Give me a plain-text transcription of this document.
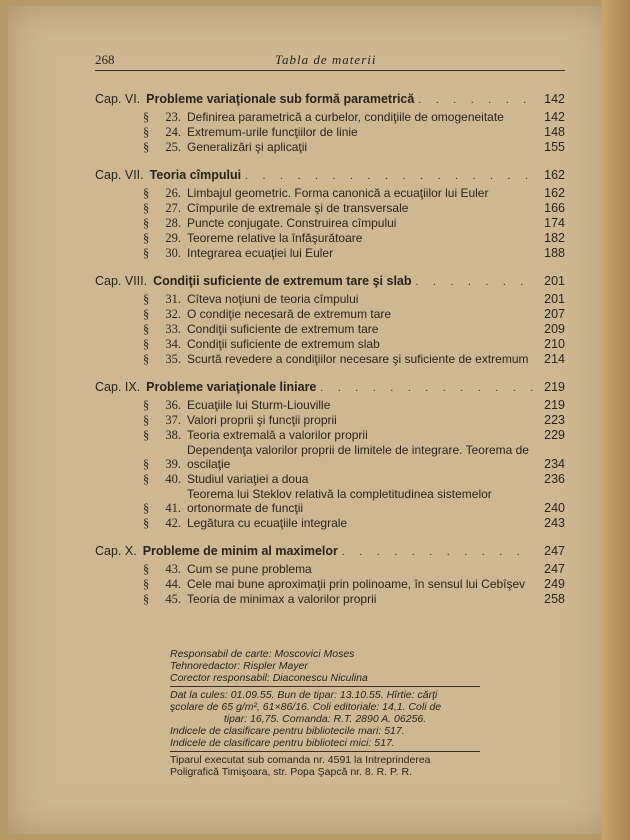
268	Tabla de materii
Cap. VI. Probleme variaţionale sub formă parametrică . . .	142
§	23. Definirea parametrică a curbelor, condiţiile de omogeneitate	142
§	24. Extremum-urile funcţiilor de linie	148
§	25. Generalizări şi aplicaţii	155
Cap. VII. Teoria cîmpului . . .	162
§	26. Limbajul geometric. Forma canonică a ecuaţiilor lui Euler	162
§	27. Cîmpurile de extremale şi de transversale	166
§	28. Puncte conjugate. Construirea cîmpului	174
§	29. Teoreme relative la înfăşurătoare	182
§	30. Integrarea ecuaţiei lui Euler	188
Cap. VIII. Condiţii suficiente de extremum tare şi slab . . .	201
§	31. Cîteva noţiuni de teoria cîmpului	201
§	32. O condiţie necesară de extremum tare	207
§	33. Condiţii suficiente de extremum tare	209
§	34. Condiţii suficiente de extremum slab	210
§	35. Scurtă revedere a condiţiilor necesare şi suficiente de extremum	214
Cap. IX. Probleme variaţionale liniare . . .	219
§	36. Ecuaţiile lui Sturm-Liouville	219
§	37. Valori proprii şi funcţii proprii	223
§	38. Teoria extremală a valorilor proprii	229
§	39.
Dependenţa valorilor proprii de limitele de integrare. Teorema de oscilaţie	234
§	40. Studiul variaţiei a doua	236
§	41.
Teorema lui Steklov relativă la completitudinea sistemelor ortonormate de funcţii	240
§	42. Legătura cu ecuaţiile integrale	243
Cap. X. Probleme de minim al maximelor . . .	247
§	43. Cum se pune problema	247
§	44. Cele mai bune aproximaţii prin polinoame, în sensul lui Cebîşev	249
§	45. Teoria de minimax a valorilor proprii	258
Responsabil de carte: Moscovici Moses
Tehnoredactor: Rispler Mayer
Corector responsabil: Diaconescu Niculina
Dat la cules: 01.09.55. Bun de tipar: 13.10.55. Hîrtie: cărţi
şcolare de 65 g/m², 61×86/16. Coli editoriale: 14,1. Coli de
tipar: 16,75. Comanda: R.T. 2890 A. 06256.
Indicele de clasificare pentru bibliotecile mari: 517.
Indicele de clasificare pentru biblioteci mici: 517.
Tiparul executat sub comanda nr. 4591 la Intreprinderea
Poligrafică Timişoara, str. Popa Şapcă nr. 8. R. P. R.
